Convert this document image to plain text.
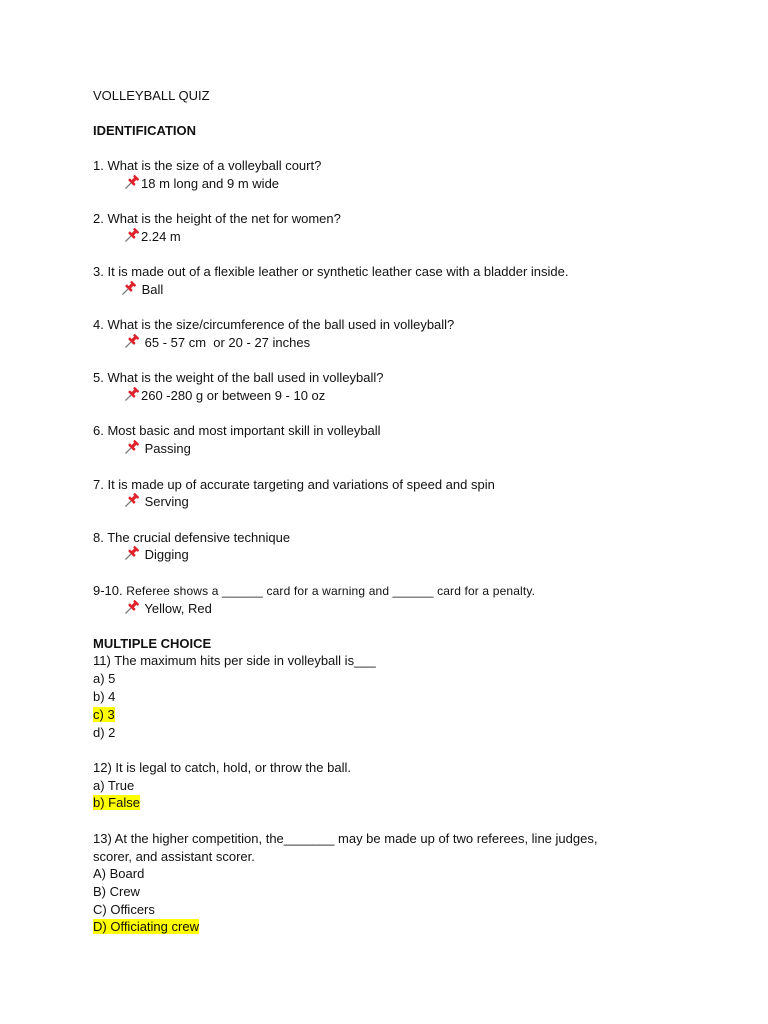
VOLLEYBALL QUIZ
IDENTIFICATION
1. What is the size of a volleyball court?
18 m long and 9 m wide
2. What is the height of the net for women?
2.24 m
3. It is made out of a flexible leather or synthetic leather case with a bladder inside.
Ball
4. What is the size/circumference of the ball used in volleyball?
65 - 57 cm  or 20 - 27 inches
5. What is the weight of the ball used in volleyball?
260 -280 g or between 9 - 10 oz
6. Most basic and most important skill in volleyball
Passing
7. It is made up of accurate targeting and variations of speed and spin
Serving
8. The crucial defensive technique
Digging
9-10. Referee shows a ______ card for a warning and ______ card for a penalty.
Yellow, Red
MULTIPLE CHOICE
11) The maximum hits per side in volleyball is___
a) 5
b) 4
c) 3
d) 2
12) It is legal to catch, hold, or throw the ball.
a) True
b) False
13) At the higher competition, the_______ may be made up of two referees, line judges,
scorer, and assistant scorer.
A) Board
B) Crew
C) Officers
D) Officiating crew
